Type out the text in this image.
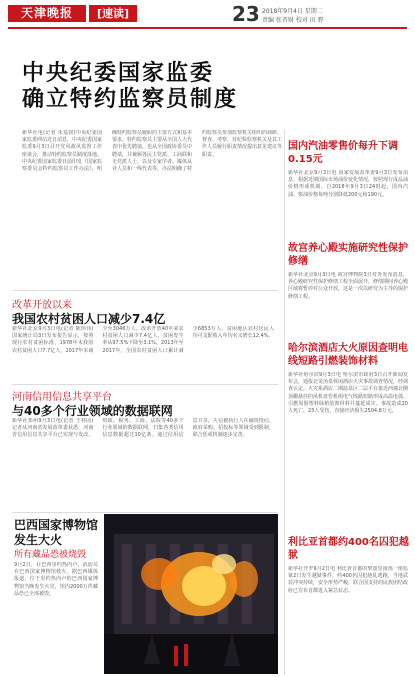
天津晚报	[速读]	23 2018年9月4日 星期二
责编 张晋财 校对 田 野
中央纪委国家监委
确立特约监察员制度
新华社电(记者 朱基钗)中央纪委国家监委网站近日消息，中央纪委国家监委9月3日召开党风政风监督工作座谈会，推动特约监察员制度落地。中央纪委国家监委日前印发《国家监察委员会特约监察员工作办法》，明确特约监察员履职的主要方式和基本要求。特约监察员主要从全国人大代表中优先聘请，也从全国政协委员中聘请，并兼顾各民主党派、工商联和无党派人士，以及专家学者、媒体从业人员和一线代表等。办法明确了特约监察员参加监察机关组织的调研、督查、考察，对纪检监察机关及其工作人员履行职责情况提出意见建议等职责。
国内汽油零售价每升下调0.15元
新华社北京9月3日电 国家发展改革委9月3日发布消息，根据近期国际市场油价变化情况，按照现行成品油价格形成机制，自2018年9月3日24时起，国内汽油、柴油价格每吨分别降低200元和190元。
故宫养心殿实施研究性保护修缮
新华社北京9月3日电 故宫博物院3日对外发布消息，养心殿研究性保护修缮工程全面展开，修缮期间养心殿区域将暂停对公众开放，这是一次以研究为主导的保护修缮工程。
哈尔滨酒店大火原因查明电线短路引燃装饰材料
新华社哈尔滨9月3日电 哈尔滨市政府3日召开新闻发布会，通报北龙汤泉休闲酒店火灾事故调查情况，经调查认定，火灾系酒店二期温泉区二层平台靠近西墙北侧顶棚悬挂的风机盘管机组电气线路短路形成高温电弧，引燃周围塑料绿植装饰材料并蔓延成灾。事故造成20人死亡、23人受伤，直接经济损失2504.8万元。
利比亚首都约400名囚犯越狱
新华社开罗9月2日电 利比亚首都的黎波里南部一座监狱2日发生越狱事件，约400名囚犯趁乱逃跑。当地武装冲突持续，安全形势严峻，联合国支持的民族团结政府已宣布首都进入紧急状态。
改革开放以来
我国农村贫困人口减少7.4亿
新华社北京9月3日电(记者 陈炜伟)国家统计局3日发布报告显示，按照现行农村贫困标准，1978年末我国农村贫困人口7.7亿人，2017年末减少至3046万人，改革开放40年来农村贫困人口减少7.4亿人，贫困发生率从97.5%下降至3.1%。2013年至2017年，全国农村贫困人口累计减少6853万人，贫困地区农村居民人均可支配收入年均名义增长12.4%。
河南信用信息共享平台
与40多个行业领域的数据联网
新华社郑州9月3日电(记者 王林园)记者从河南省发展改革委获悉，河南省信用信息共享平台已实现与发改、财政、税务、工商、法院等40多个行业领域的数据联网，归集各类信用信息数据超过10亿条。通过信用信息共享，失信被执行人在融资授信、政府采购、招投标等领域受到限制，联合惩戒机制逐步完善。
巴西国家博物馆
发生大火
所有藏品恐被烧毁
9月2日，在巴西里约热内卢，消防员在巴西国家博物馆救火。据巴西媒体报道，位于里约热内卢的巴西国家博物馆当晚发生火灾，馆内2000万件藏品恐已全部被毁。
